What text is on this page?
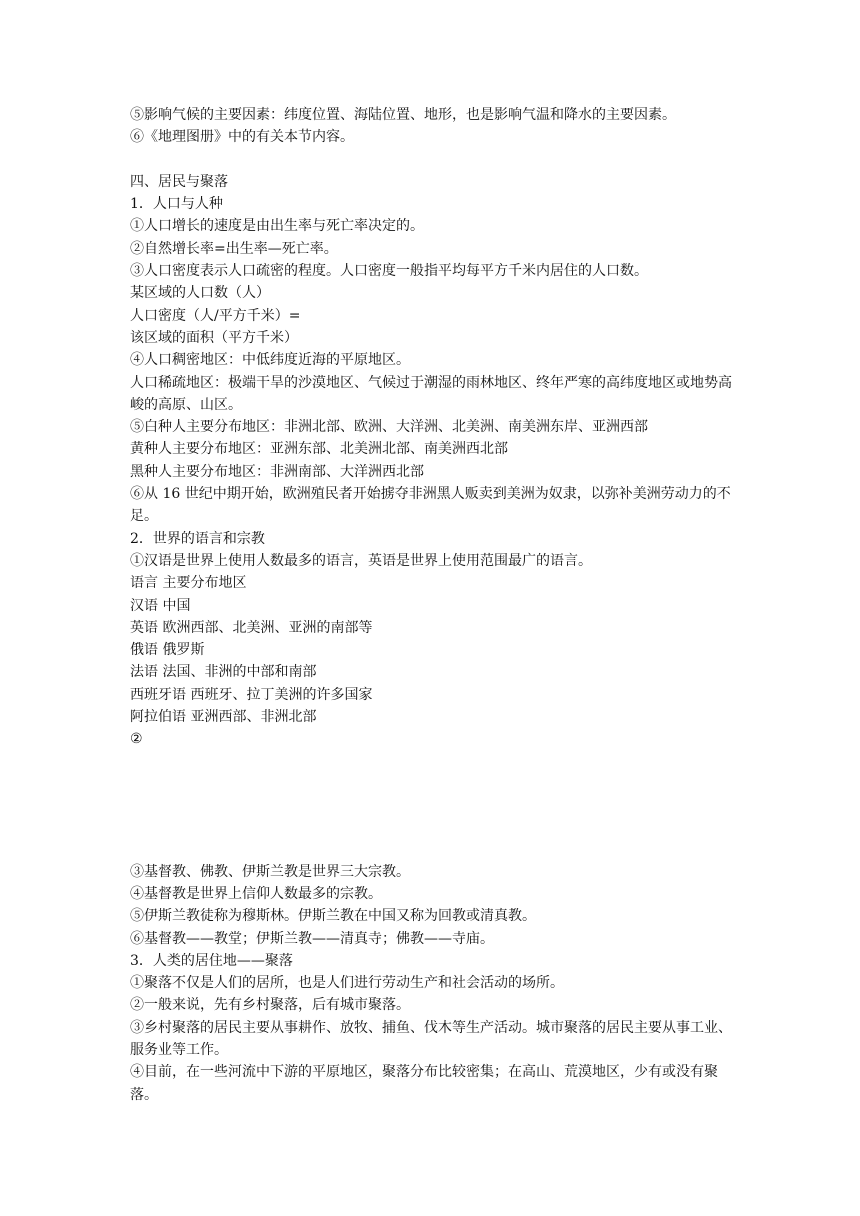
⑤影响气候的主要因素：纬度位置、海陆位置、地形，也是影响气温和降水的主要因素。
⑥《地理图册》中的有关本节内容。
四、居民与聚落
1．人口与人种
①人口增长的速度是由出生率与死亡率决定的。
②自然增长率=出生率—死亡率。
③人口密度表示人口疏密的程度。人口密度一般指平均每平方千米内居住的人口数。
某区域的人口数（人）
人口密度（人/平方千米）=
该区域的面积（平方千米）
④人口稠密地区：中低纬度近海的平原地区。
人口稀疏地区：极端干旱的沙漠地区、气候过于潮湿的雨林地区、终年严寒的高纬度地区或地势高峻的高原、山区。
⑤白种人主要分布地区：非洲北部、欧洲、大洋洲、北美洲、南美洲东岸、亚洲西部
黄种人主要分布地区：亚洲东部、北美洲北部、南美洲西北部
黑种人主要分布地区：非洲南部、大洋洲西北部
⑥从 16 世纪中期开始，欧洲殖民者开始掳夺非洲黑人贩卖到美洲为奴隶，以弥补美洲劳动力的不足。
2．世界的语言和宗教
①汉语是世界上使用人数最多的语言，英语是世界上使用范围最广的语言。
语言 主要分布地区
汉语 中国
英语 欧洲西部、北美洲、亚洲的南部等
俄语 俄罗斯
法语 法国、非洲的中部和南部
西班牙语 西班牙、拉丁美洲的许多国家
阿拉伯语 亚洲西部、非洲北部
②
③基督教、佛教、伊斯兰教是世界三大宗教。
④基督教是世界上信仰人数最多的宗教。
⑤伊斯兰教徒称为穆斯林。伊斯兰教在中国又称为回教或清真教。
⑥基督教——教堂；伊斯兰教——清真寺；佛教——寺庙。
3．人类的居住地——聚落
①聚落不仅是人们的居所，也是人们进行劳动生产和社会活动的场所。
②一般来说，先有乡村聚落，后有城市聚落。
③乡村聚落的居民主要从事耕作、放牧、捕鱼、伐木等生产活动。城市聚落的居民主要从事工业、服务业等工作。
④目前，在一些河流中下游的平原地区，聚落分布比较密集；在高山、荒漠地区，少有或没有聚落。
